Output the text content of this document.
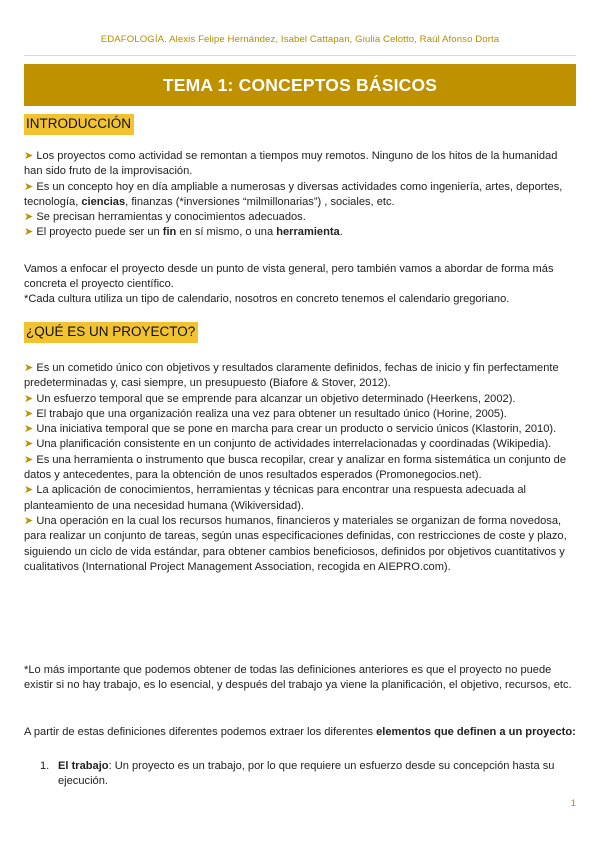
EDAFOLOGÍA. Alexis Felipe Hernández, Isabel Cattapan, Giulia Celotto, Raúl Afonso Dorta
TEMA 1: CONCEPTOS BÁSICOS
INTRODUCCIÓN

➤ Los proyectos como actividad se remontan a tiempos muy remotos. Ninguno de los hitos de la humanidad han sido fruto de la improvisación.

➤ Es un concepto hoy en día ampliable a numerosas y diversas actividades como ingeniería, artes, deportes, tecnología, ciencias, finanzas (*inversiones “milmillonarias”) , sociales, etc.

➤ Se precisan herramientas y conocimientos adecuados.

➤ El proyecto puede ser un fin en sí mismo, o una herramienta.

Vamos a enfocar el proyecto desde un punto de vista general, pero también vamos a abordar de forma más concreta el proyecto científico.
*Cada cultura utiliza un tipo de calendario, nosotros en concreto tenemos el calendario gregoriano.
¿QUÉ ES UN PROYECTO?

➤ Es un cometido único con objetivos y resultados claramente definidos, fechas de inicio y fin perfectamente predeterminadas y, casi siempre, un presupuesto (Biafore & Stover, 2012).

➤ Un esfuerzo temporal que se emprende para alcanzar un objetivo determinado (Heerkens, 2002).

➤ El trabajo que una organización realiza una vez para obtener un resultado único (Horine, 2005).

➤ Una iniciativa temporal que se pone en marcha para crear un producto o servicio únicos (Klastorin, 2010).

➤ Una planificación consistente en un conjunto de actividades interrelacionadas y coordinadas (Wikipedia).

➤ Es una herramienta o instrumento que busca recopilar, crear y analizar en forma sistemática un conjunto de datos y antecedentes, para la obtención de unos resultados esperados (Promonegocios.net).

➤ La aplicación de conocimientos, herramientas y técnicas para encontrar una respuesta adecuada al planteamiento de una necesidad humana (Wikiversidad).

➤ Una operación en la cual los recursos humanos, financieros y materiales se organizan de forma novedosa, para realizar un conjunto de tareas, según unas especificaciones definidas, con restricciones de coste y plazo, siguiendo un ciclo de vida estándar, para obtener cambios beneficiosos, definidos por objetivos cuantitativos y cualitativos (International Project Management Association, recogida en AIEPRO.com).

*Lo más importante que podemos obtener de todas las definiciones anteriores es que el proyecto no puede existir si no hay trabajo, es lo esencial, y después del trabajo ya viene la planificación, el objetivo, recursos, etc.
A partir de estas definiciones diferentes podemos extraer los diferentes elementos que definen a un proyecto:
1. El trabajo: Un proyecto es un trabajo, por lo que requiere un esfuerzo desde su concepción hasta su ejecución.
1
